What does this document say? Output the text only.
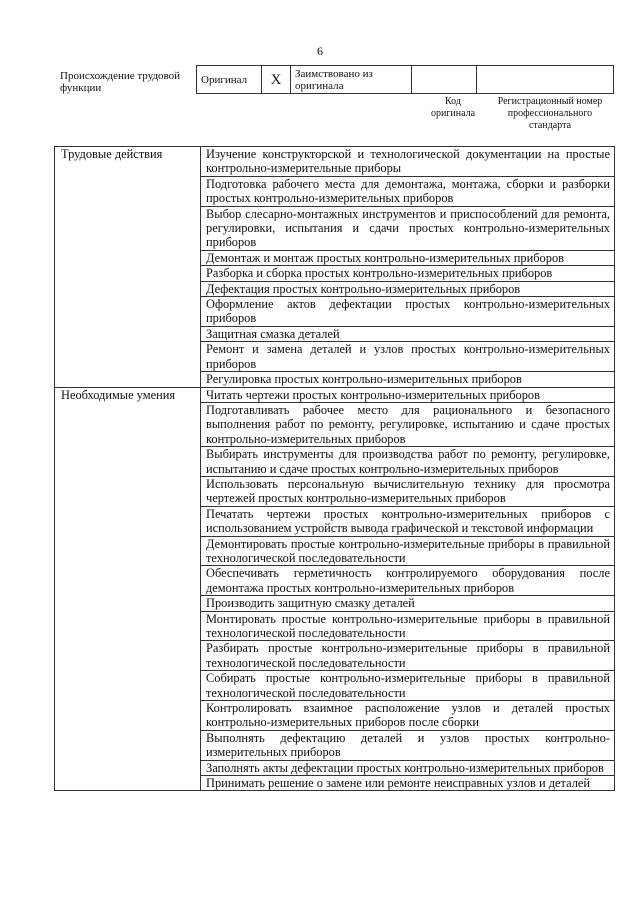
6
Происхождение трудовой функции
Оригинал	X	Заимствовано из оригинала		
Код оригинала
Регистрационный номер профессионального стандарта
Трудовые действия	Изучение конструкторской и технологической документации на простые контрольно-измерительные приборы
	Подготовка рабочего места для демонтажа, монтажа, сборки и разборки простых контрольно-измерительных приборов
	Выбор слесарно-монтажных инструментов и приспособлений для ремонта, регулировки, испытания и сдачи простых контрольно-измерительных приборов
	Демонтаж и монтаж простых контрольно-измерительных приборов
	Разборка и сборка простых контрольно-измерительных приборов
	Дефектация простых контрольно-измерительных приборов
	Оформление актов дефектации простых контрольно-измерительных приборов
	Защитная смазка деталей
	Ремонт и замена деталей и узлов простых контрольно-измерительных приборов
	Регулировка простых контрольно-измерительных приборов
Необходимые умения	Читать чертежи простых контрольно-измерительных приборов
	Подготавливать рабочее место для рационального и безопасного выполнения работ по ремонту, регулировке, испытанию и сдаче простых контрольно-измерительных приборов
	Выбирать инструменты для производства работ по ремонту, регулировке, испытанию и сдаче простых контрольно-измерительных приборов
	Использовать персональную вычислительную технику для просмотра чертежей простых контрольно-измерительных приборов
	Печатать чертежи простых контрольно-измерительных приборов с использованием устройств вывода графической и текстовой информации
	Демонтировать простые контрольно-измерительные приборы в правильной технологической последовательности
	Обеспечивать герметичность контролируемого оборудования после демонтажа простых контрольно-измерительных приборов
	Производить защитную смазку деталей
	Монтировать простые контрольно-измерительные приборы в правильной технологической последовательности
	Разбирать простые контрольно-измерительные приборы в правильной технологической последовательности
	Собирать простые контрольно-измерительные приборы в правильной технологической последовательности
	Контролировать взаимное расположение узлов и деталей простых контрольно-измерительных приборов после сборки
	Выполнять дефектацию деталей и узлов простых контрольно-измерительных приборов
	Заполнять акты дефектации простых контрольно-измерительных приборов
	Принимать решение о замене или ремонте неисправных узлов и деталей
